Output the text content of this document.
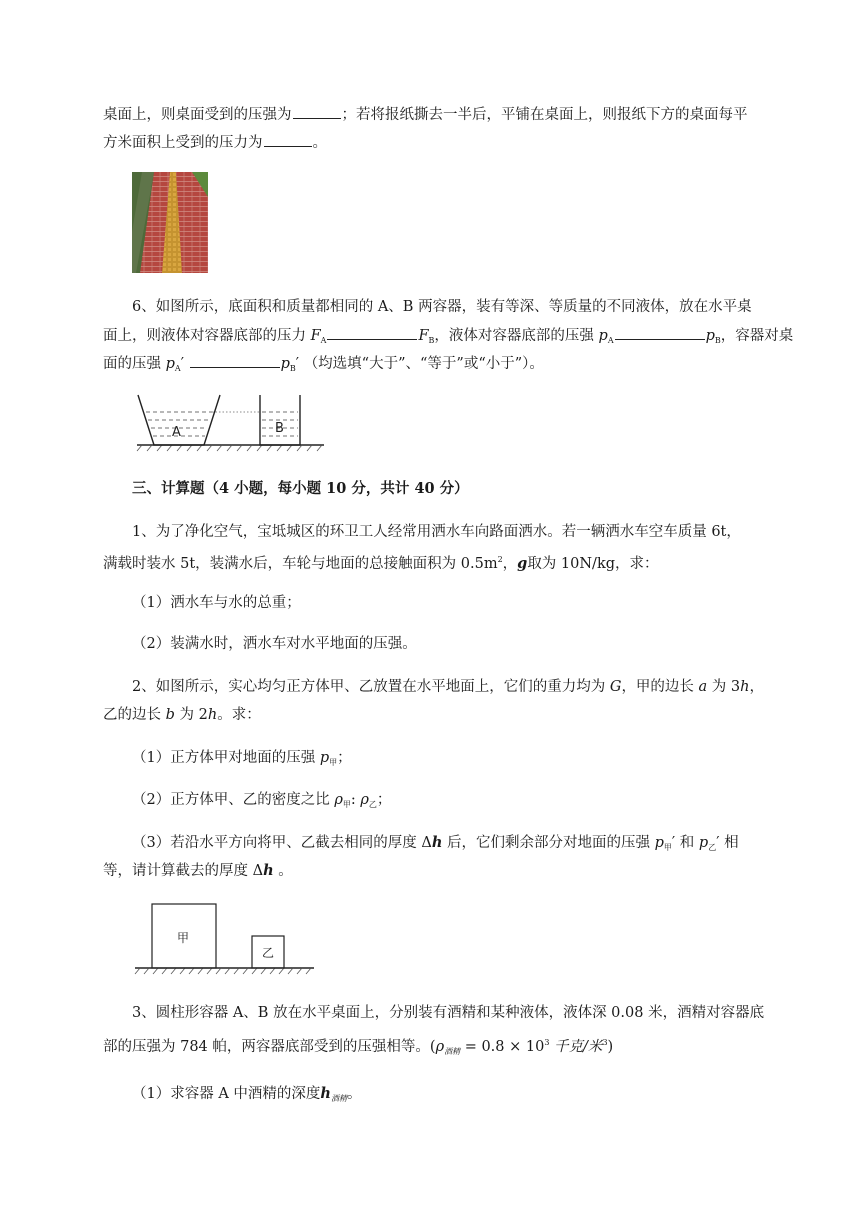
桌面上，则桌面受到的压强为	；若将报纸撕去一半后，平铺在桌面上，则报纸下方的桌面每平
方米面积上受到的压力为	。
6、如图所示，底面积和质量都相同的 A、B 两容器，装有等深、等质量的不同液体，放在水平桌
面上，则液体对容器底部的压力 $F_A$	$F_B$，液体对容器底部的压强 $p_A$	$p_B$，容器对桌
面的压强 $p_A'$	$p_B'$ （均选填“大于”、“等于”或“小于”）。
A	B
三、计算题（4 小题，每小题 10 分，共计 40 分）
1、为了净化空气，宝坻城区的环卫工人经常用洒水车向路面洒水。若一辆洒水车空车质量 6t，
满载时装水 5t，装满水后，车轮与地面的总接触面积为 $0.5m^2$，g取为 10N/kg，求：
（1）洒水车与水的总重；
（2）装满水时，洒水车对水平地面的压强。
2、如图所示，实心均匀正方体甲、乙放置在水平地面上，它们的重力均为 G，甲的边长 a 为 3h，
乙的边长 b 为 2h。求：
（1）正方体甲对地面的压强 $p_甲$；
（2）正方体甲、乙的密度之比 $\rho_甲$: $\rho_乙$；
（3）若沿水平方向将甲、乙截去相同的厚度 Δh 后，它们剩余部分对地面的压强 $p_甲'$ 和 $p_乙'$ 相
等，请计算截去的厚度 Δh 。
甲
乙
3、圆柱形容器 A、B 放在水平桌面上，分别装有酒精和某种液体，液体深 0.08 米，酒精对容器底
部的压强为 784 帕，两容器底部受到的压强相等。($\rho_{酒精} = 0.8 \times 10^3$ 千克/米$^3$)
（1）求容器 A 中酒精的深度$h_{酒精}$。
